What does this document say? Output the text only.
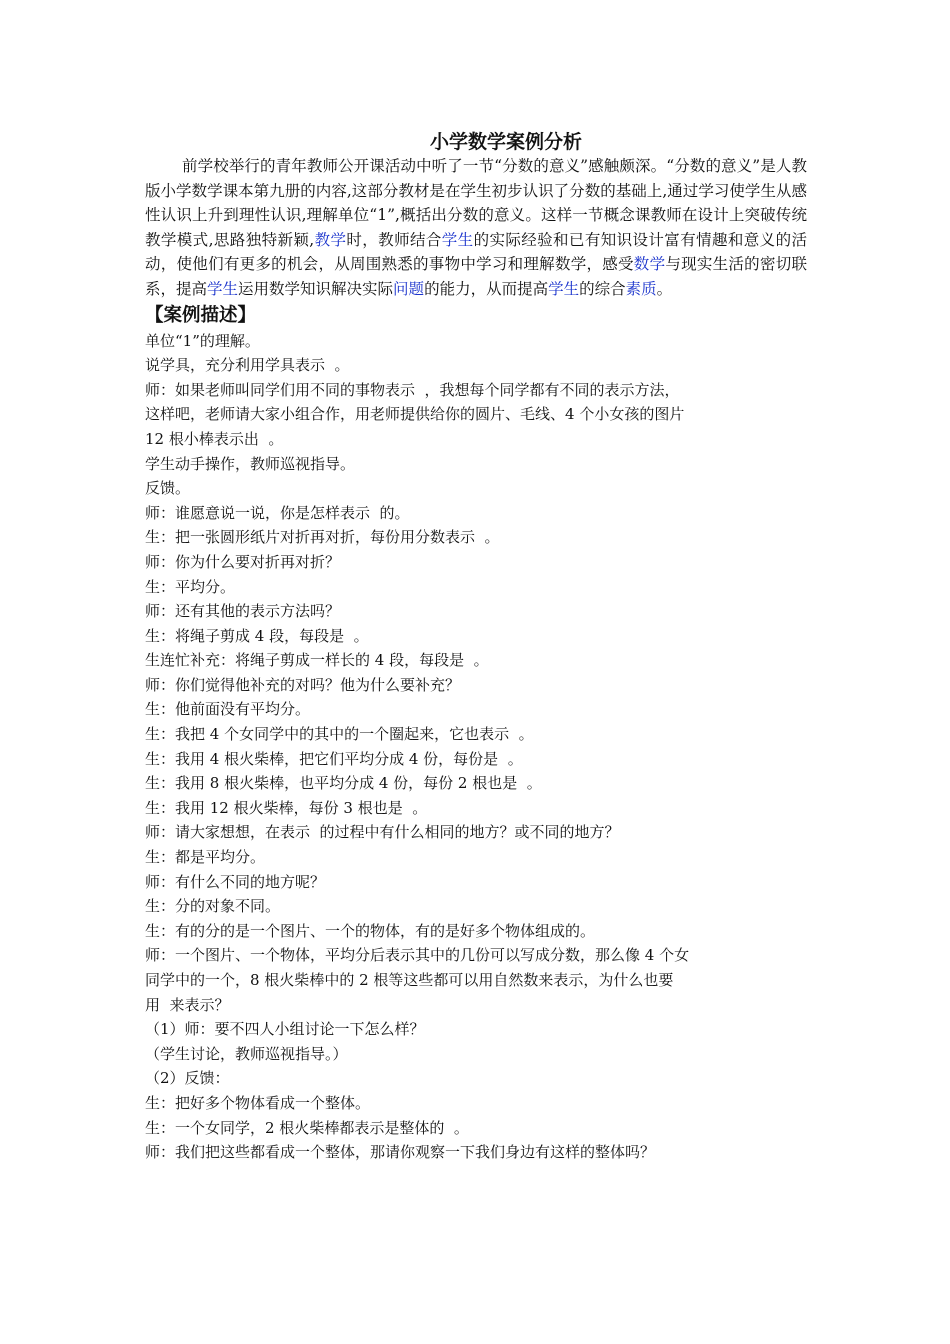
小学数学案例分析

前学校举行的青年教师公开课活动中听了一节“分数的意义”感触颇深。“分数的意义”是人教版小学数学课本第九册的内容,这部分教材是在学生初步认识了分数的基础上,通过学习使学生从感性认识上升到理性认识,理解单位“1”,概括出分数的意义。这样一节概念课教师在设计上突破传统教学模式,思路独特新颖,教学时，教师结合学生的实际经验和已有知识设计富有情趣和意义的活动，使他们有更多的机会，从周围熟悉的事物中学习和理解数学，感受数学与现实生活的密切联系，提高学生运用数学知识解决实际问题的能力，从而提高学生的综合素质。

【案例描述】

单位“1”的理解。

说学具，充分利用学具表示  。

师：如果老师叫同学们用不同的事物表示  ，我想每个同学都有不同的表示方法，

这样吧，老师请大家小组合作，用老师提供给你的圆片、毛线、4 个小女孩的图片

12 根小棒表示出  。

学生动手操作，教师巡视指导。

反馈。

师：谁愿意说一说，你是怎样表示  的。

生：把一张圆形纸片对折再对折，每份用分数表示  。

师：你为什么要对折再对折？

生：平均分。

师：还有其他的表示方法吗？

生：将绳子剪成 4 段，每段是  。

生连忙补充：将绳子剪成一样长的 4 段，每段是  。

师：你们觉得他补充的对吗？他为什么要补充？

生：他前面没有平均分。

生：我把 4 个女同学中的其中的一个圈起来，它也表示  。

生：我用 4 根火柴棒，把它们平均分成 4 份，每份是  。

生：我用 8 根火柴棒，也平均分成 4 份，每份 2 根也是  。

生：我用 12 根火柴棒，每份 3 根也是  。

师：请大家想想，在表示  的过程中有什么相同的地方？或不同的地方？

生：都是平均分。

师：有什么不同的地方呢？

生：分的对象不同。

生：有的分的是一个图片、一个的物体，有的是好多个物体组成的。

师：一个图片、一个物体，平均分后表示其中的几份可以写成分数，那么像 4 个女

同学中的一个，8 根火柴棒中的 2 根等这些都可以用自然数来表示，为什么也要

用  来表示？

（1）师：要不四人小组讨论一下怎么样？

（学生讨论，教师巡视指导。）

（2）反馈：

生：把好多个物体看成一个整体。

生：一个女同学，2 根火柴棒都表示是整体的  。

师：我们把这些都看成一个整体，那请你观察一下我们身边有这样的整体吗？
